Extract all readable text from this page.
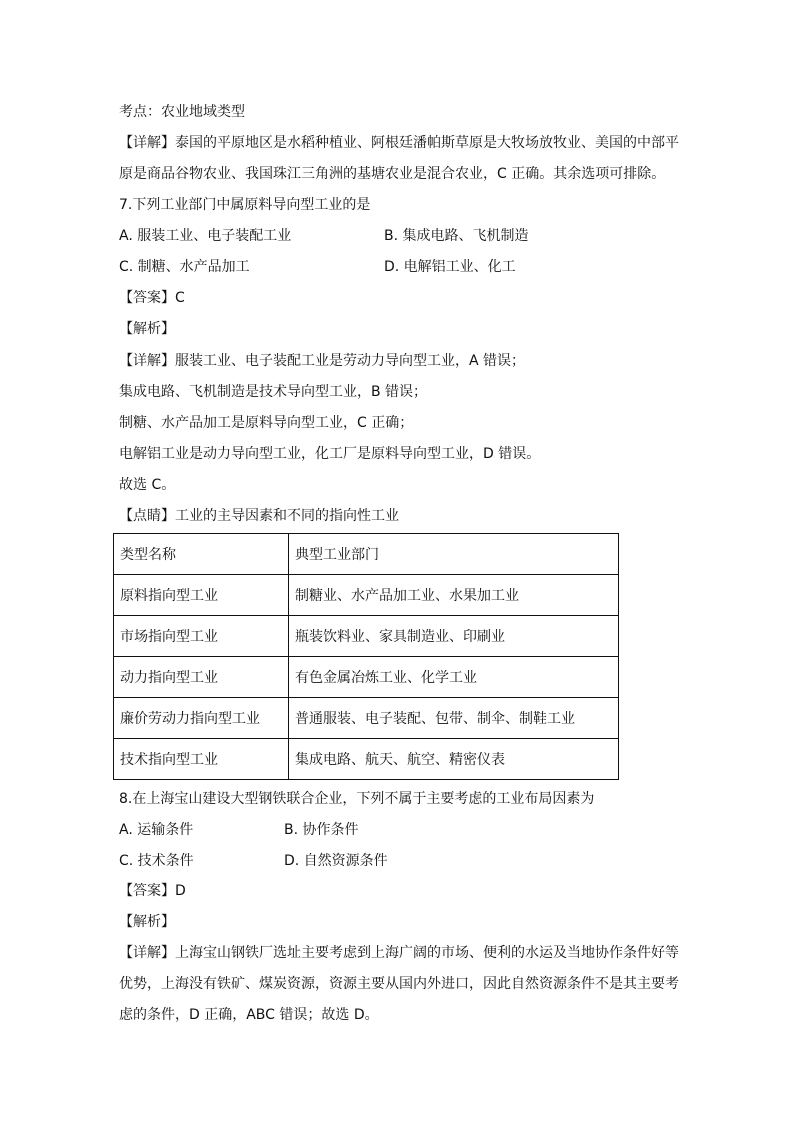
考点：农业地域类型
【详解】泰国的平原地区是水稻种植业、阿根廷潘帕斯草原是大牧场放牧业、美国的中部平
原是商品谷物农业、我国珠江三角洲的基塘农业是混合农业，C 正确。其余选项可排除。
7.下列工业部门中属原料导向型工业的是
A. 服装工业、电子装配工业	B. 集成电路、飞机制造
C. 制糖、水产品加工	D. 电解铝工业、化工
【答案】C
【解析】
【详解】服装工业、电子装配工业是劳动力导向型工业，A 错误；
集成电路、飞机制造是技术导向型工业，B 错误；
制糖、水产品加工是原料导向型工业，C 正确；
电解铝工业是动力导向型工业，化工厂是原料导向型工业，D 错误。
故选 C。
【点睛】工业的主导因素和不同的指向性工业
类型名称	典型工业部门
原料指向型工业	制糖业、水产品加工业、水果加工业
市场指向型工业	瓶装饮料业、家具制造业、印刷业
动力指向型工业	有色金属冶炼工业、化学工业
廉价劳动力指向型工业	普通服装、电子装配、包带、制伞、制鞋工业
技术指向型工业	集成电路、航天、航空、精密仪表
8.在上海宝山建设大型钢铁联合企业，下列不属于主要考虑的工业布局因素为
A. 运输条件	B. 协作条件
C. 技术条件	D. 自然资源条件
【答案】D
【解析】
【详解】上海宝山钢铁厂选址主要考虑到上海广阔的市场、便利的水运及当地协作条件好等
优势，上海没有铁矿、煤炭资源，资源主要从国内外进口，因此自然资源条件不是其主要考
虑的条件，D 正确，ABC 错误；故选 D。
